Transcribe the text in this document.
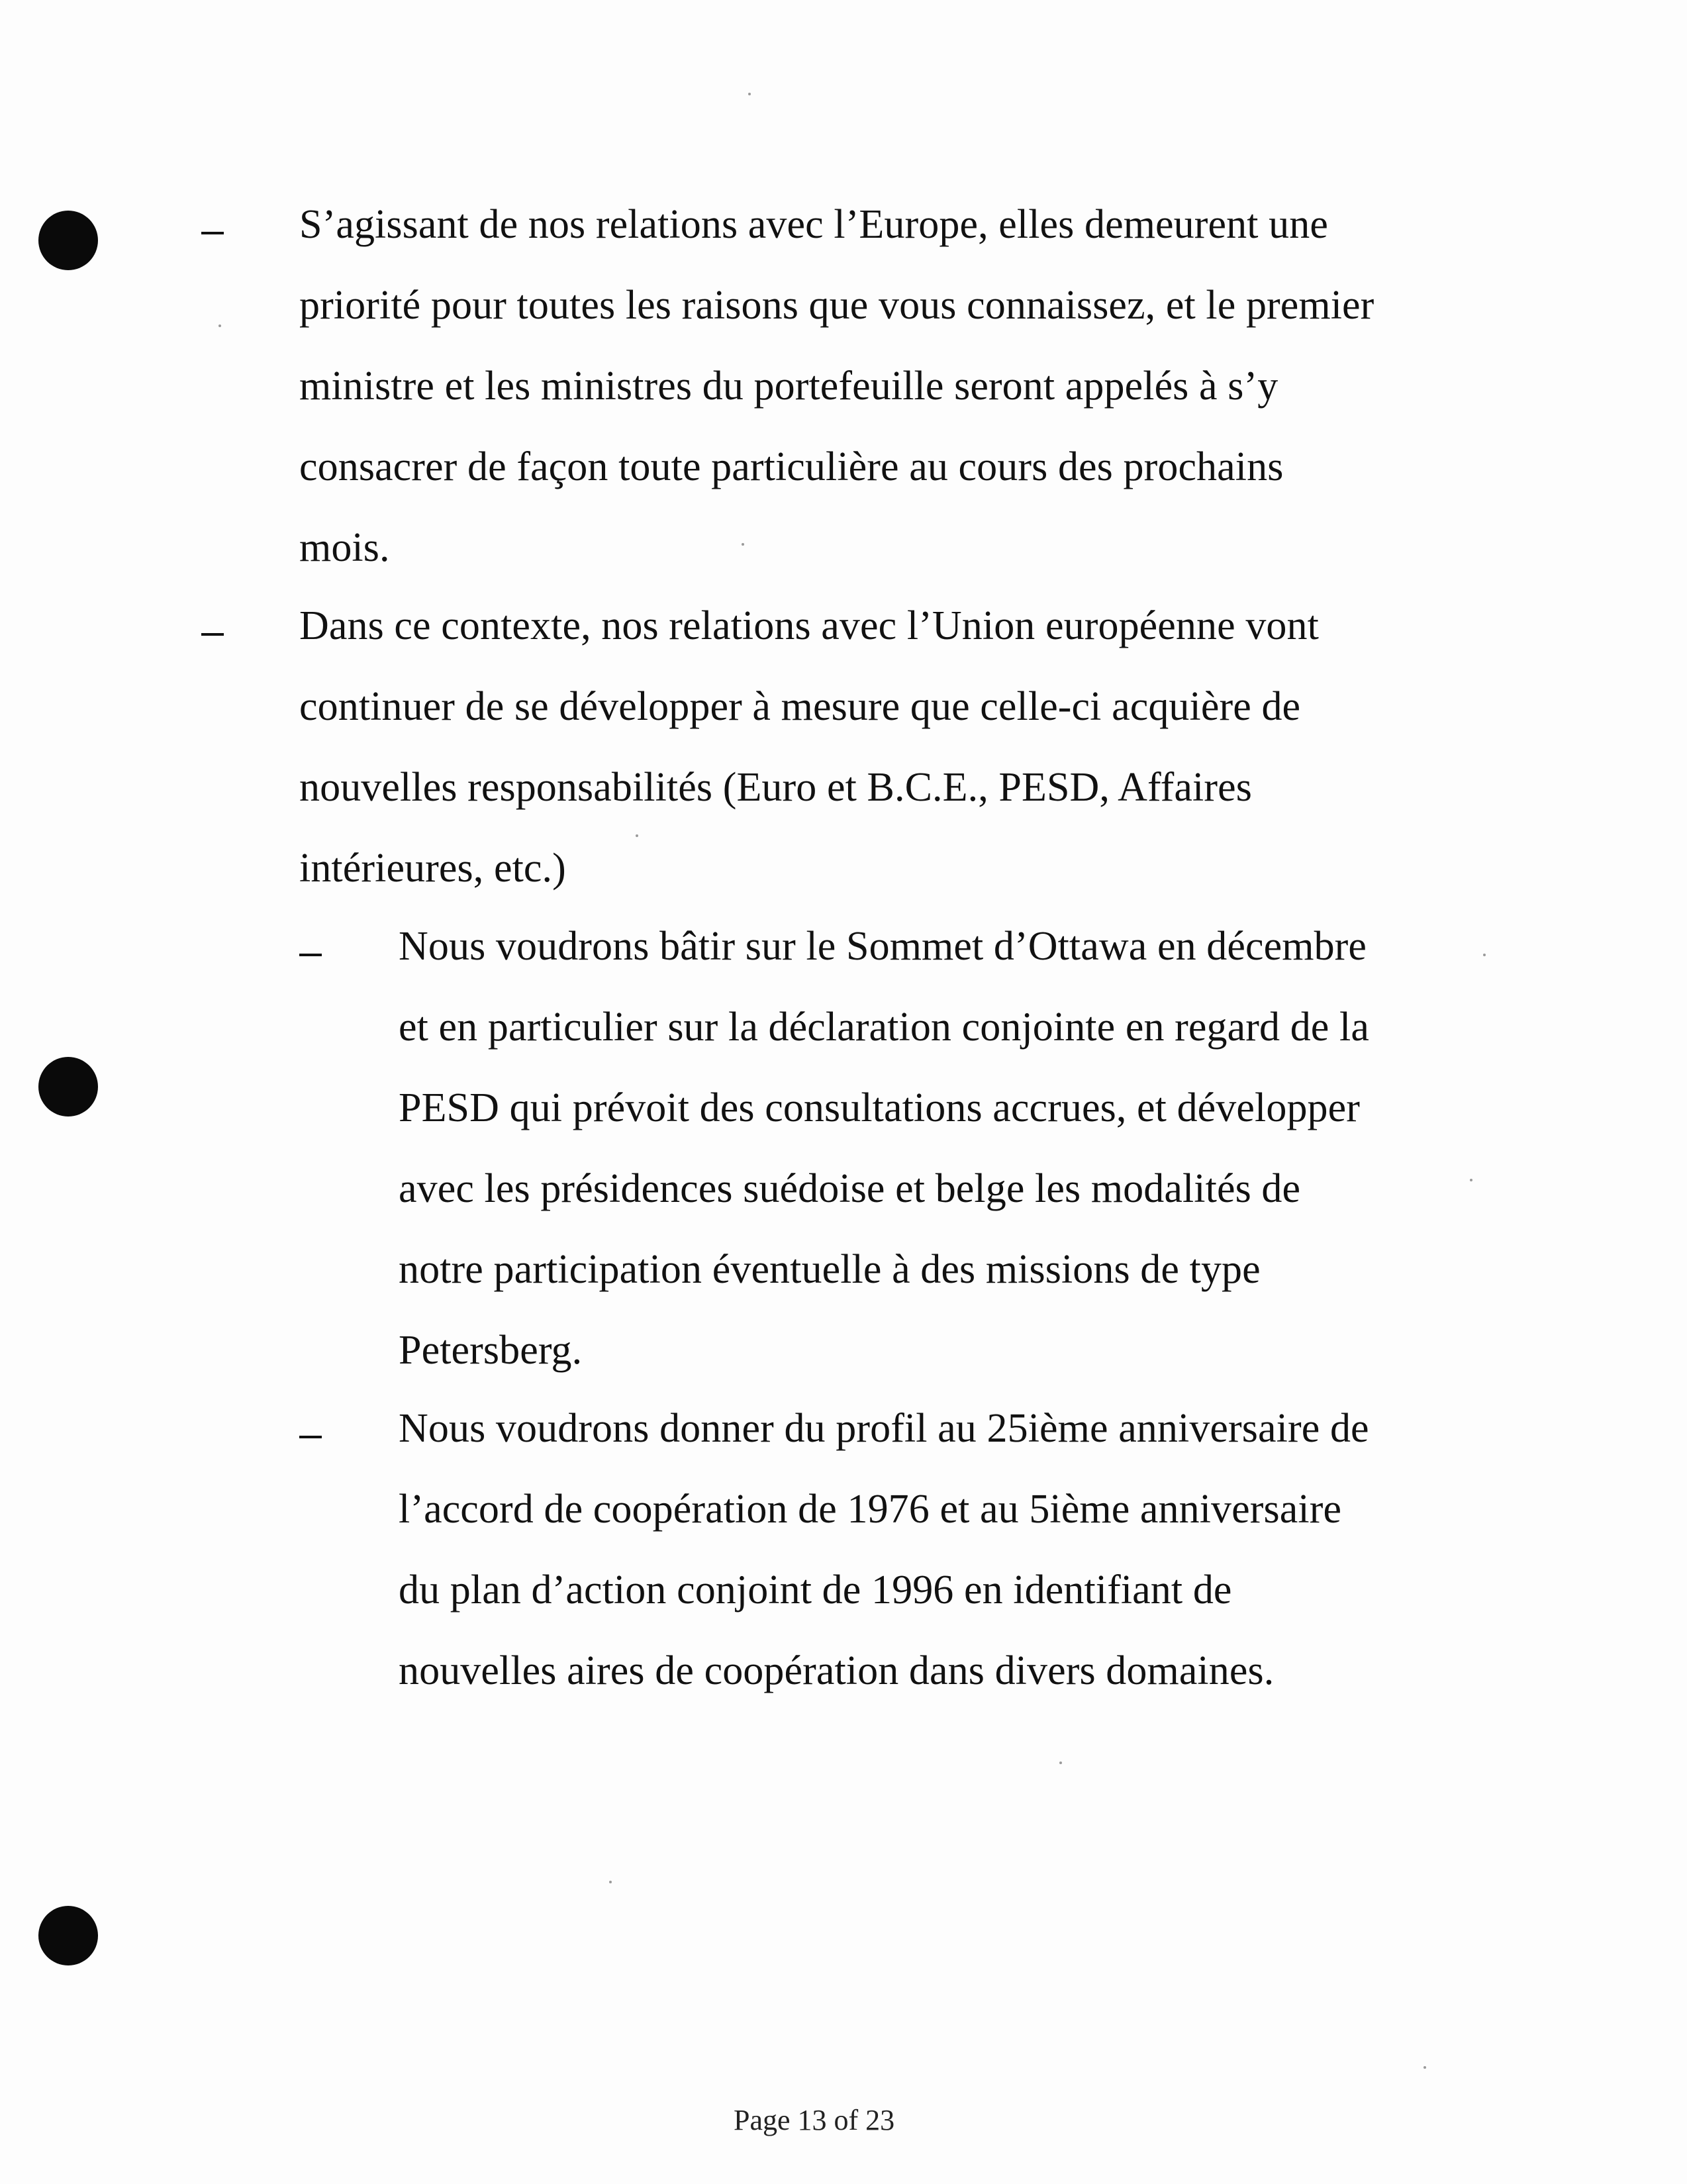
S’agissant de nos relations avec l’Europe, elles demeurent une
priorité pour toutes les raisons que vous connaissez, et le premier
ministre et les ministres du portefeuille seront appelés à s’y
consacrer de façon toute particulière au cours des prochains
mois.
Dans ce contexte, nos relations avec l’Union européenne vont
continuer de se développer à mesure que celle-ci acquière de
nouvelles responsabilités (Euro et B.C.E., PESD, Affaires
intérieures, etc.)
Nous voudrons bâtir sur le Sommet d’Ottawa en décembre
et en particulier sur la déclaration conjointe en regard de la
PESD qui prévoit des consultations accrues, et développer
avec les présidences suédoise et belge les modalités de
notre participation éventuelle à des missions de type
Petersberg.
Nous voudrons donner du profil au 25ième anniversaire de
l’accord de coopération de 1976 et au 5ième anniversaire
du plan d’action conjoint de 1996 en identifiant de
nouvelles aires de coopération dans divers domaines.
Page 13 of 23
